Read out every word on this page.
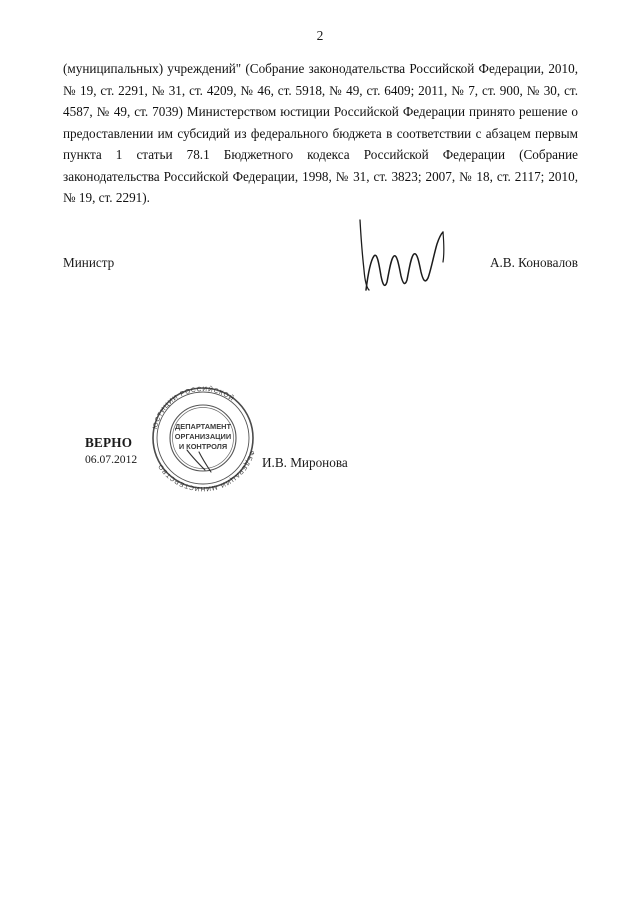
2

(муниципальных) учреждений" (Собрание законодательства Российской Федерации, 2010, № 19, ст. 2291, № 31, ст. 4209, № 46, ст. 5918, № 49, ст. 6409; 2011, № 7, ст. 900, № 30, ст. 4587, № 49, ст. 7039) Министерством юстиции Российской Федерации принято решение о предоставлении им субсидий из федерального бюджета в соответствии с абзацем первым пункта 1 статьи 78.1 Бюджетного кодекса Российской Федерации (Собрание законодательства Российской Федерации, 1998, № 31, ст. 3823; 2007, № 18, ст. 2117; 2010, № 19, ст. 2291).

Министр	А.В. Коновалов
ЮСТИЦИИ РОССИЙСКОЙ
ФЕДЕРАЦИИ МИНИСТЕРСТВО
ДЕПАРТАМЕНТ
ОРГАНИЗАЦИИ
И КОНТРОЛЯ
ВЕРНО
06.07.2012	И.В. Миронова
